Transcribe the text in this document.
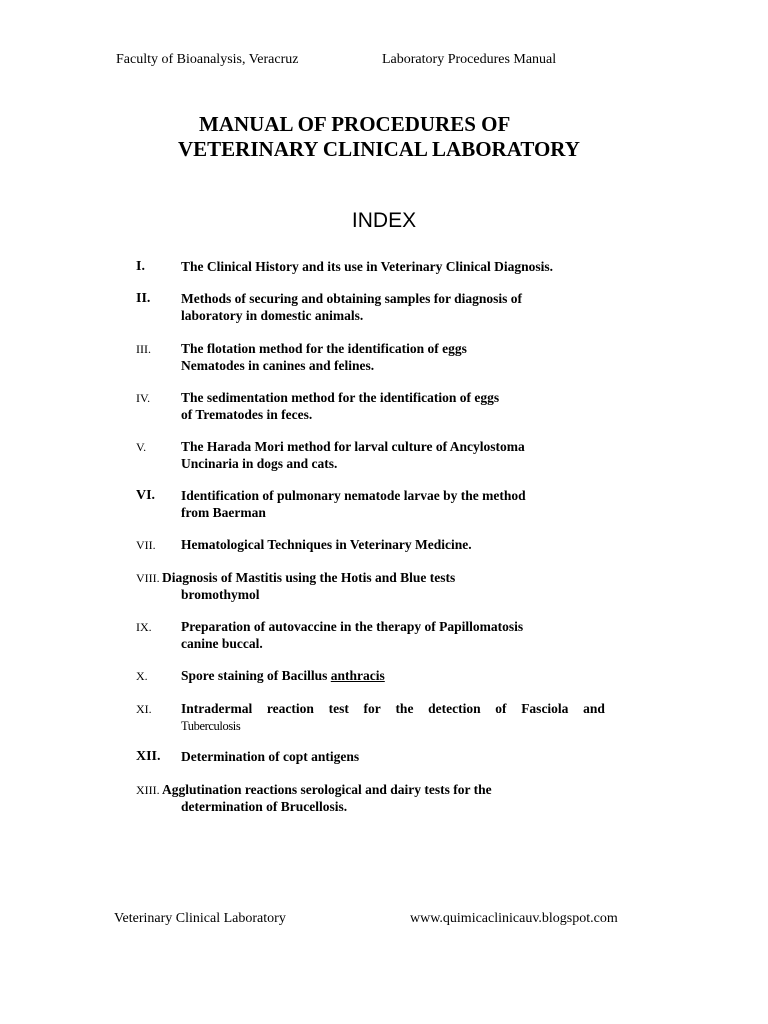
Faculty of Bioanalysis, Veracruz	Laboratory Procedures Manual
MANUAL OF PROCEDURES OF
VETERINARY CLINICAL LABORATORY
INDEX
I.	The Clinical History and its use in Veterinary Clinical Diagnosis.
II. Methods of securing and obtaining samples for diagnosis of
laboratory in domestic animals.
III. The flotation method for the identification of eggs
Nematodes in canines and felines.
IV. The sedimentation method for the identification of eggs
of Trematodes in feces.
V.	The Harada Mori method for larval culture of Ancylostoma
Uncinaria in dogs and cats.
VI. Identification of pulmonary nematode larvae by the method
from Baerman
VII. Hematological Techniques in Veterinary Medicine.
VIII. Diagnosis of Mastitis using the Hotis and Blue tests
bromothymol
IX. Preparation of autovaccine in the therapy of Papillomatosis
canine buccal.
X. Spore staining of Bacillus anthracis
XI. Intradermal reaction test for the detection of Fasciola and
Tuberculosis
XII. Determination of copt antigens
XIII. Agglutination reactions serological and dairy tests for the
determination of Brucellosis.
Veterinary Clinical Laboratory	www.quimicaclinicauv.blogspot.com
